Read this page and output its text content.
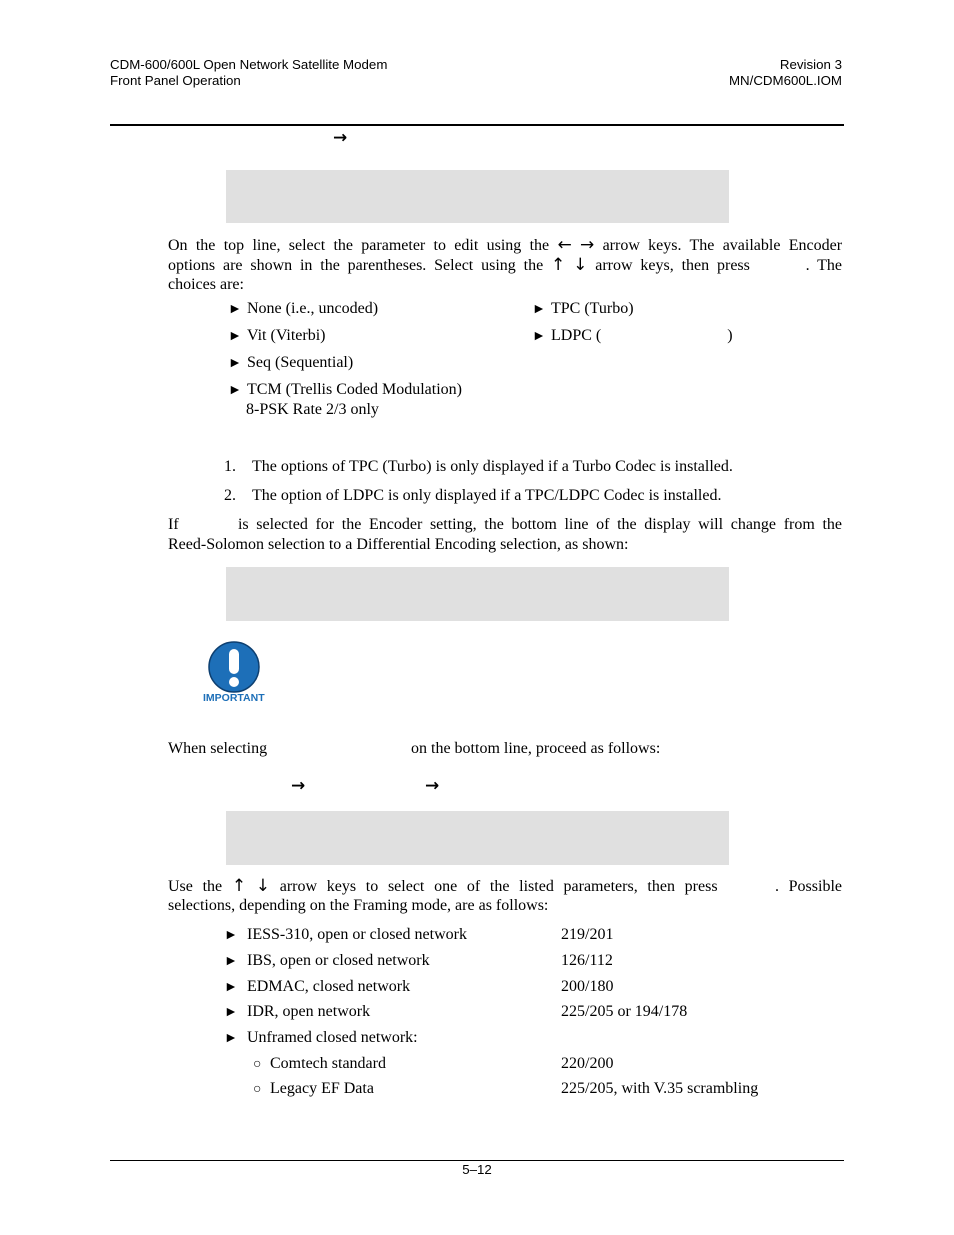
CDM-600/600L Open Network Satellite Modem
Front Panel Operation
Revision 3
MN/CDM600L.IOM
→
On the top line, select the parameter to edit using the ← → arrow keys. The available Encoder
options are shown in the parentheses. Select using the ↑ ↓ arrow keys, then press	. The
choices are:
► None (i.e., uncoded)
► Vit (Viterbi)
► Seq (Sequential)
► TCM (Trellis Coded Modulation)
8-PSK Rate 2/3 only
► TPC (Turbo)
► LDPC (	)
1. The options of TPC (Turbo) is only displayed if a Turbo Codec is installed.
2. The option of LDPC is only displayed if a TPC/LDPC Codec is installed.
If	is selected for the Encoder setting, the bottom line of the display will change from the
Reed-Solomon selection to a Differential Encoding selection, as shown:
IMPORTANT
When selecting	on the bottom line, proceed as follows:
→	→
Use the ↑ ↓ arrow keys to select one of the listed parameters, then press	. Possible
selections, depending on the Framing mode, are as follows:
► IESS-310, open or closed network	219/201
► IBS, open or closed network	126/112
► EDMAC, closed network	200/180
► IDR, open network	225/205 or 194/178
► Unframed closed network:
○ Comtech standard	220/200
○ Legacy EF Data	225/205, with V.35 scrambling
5–12
